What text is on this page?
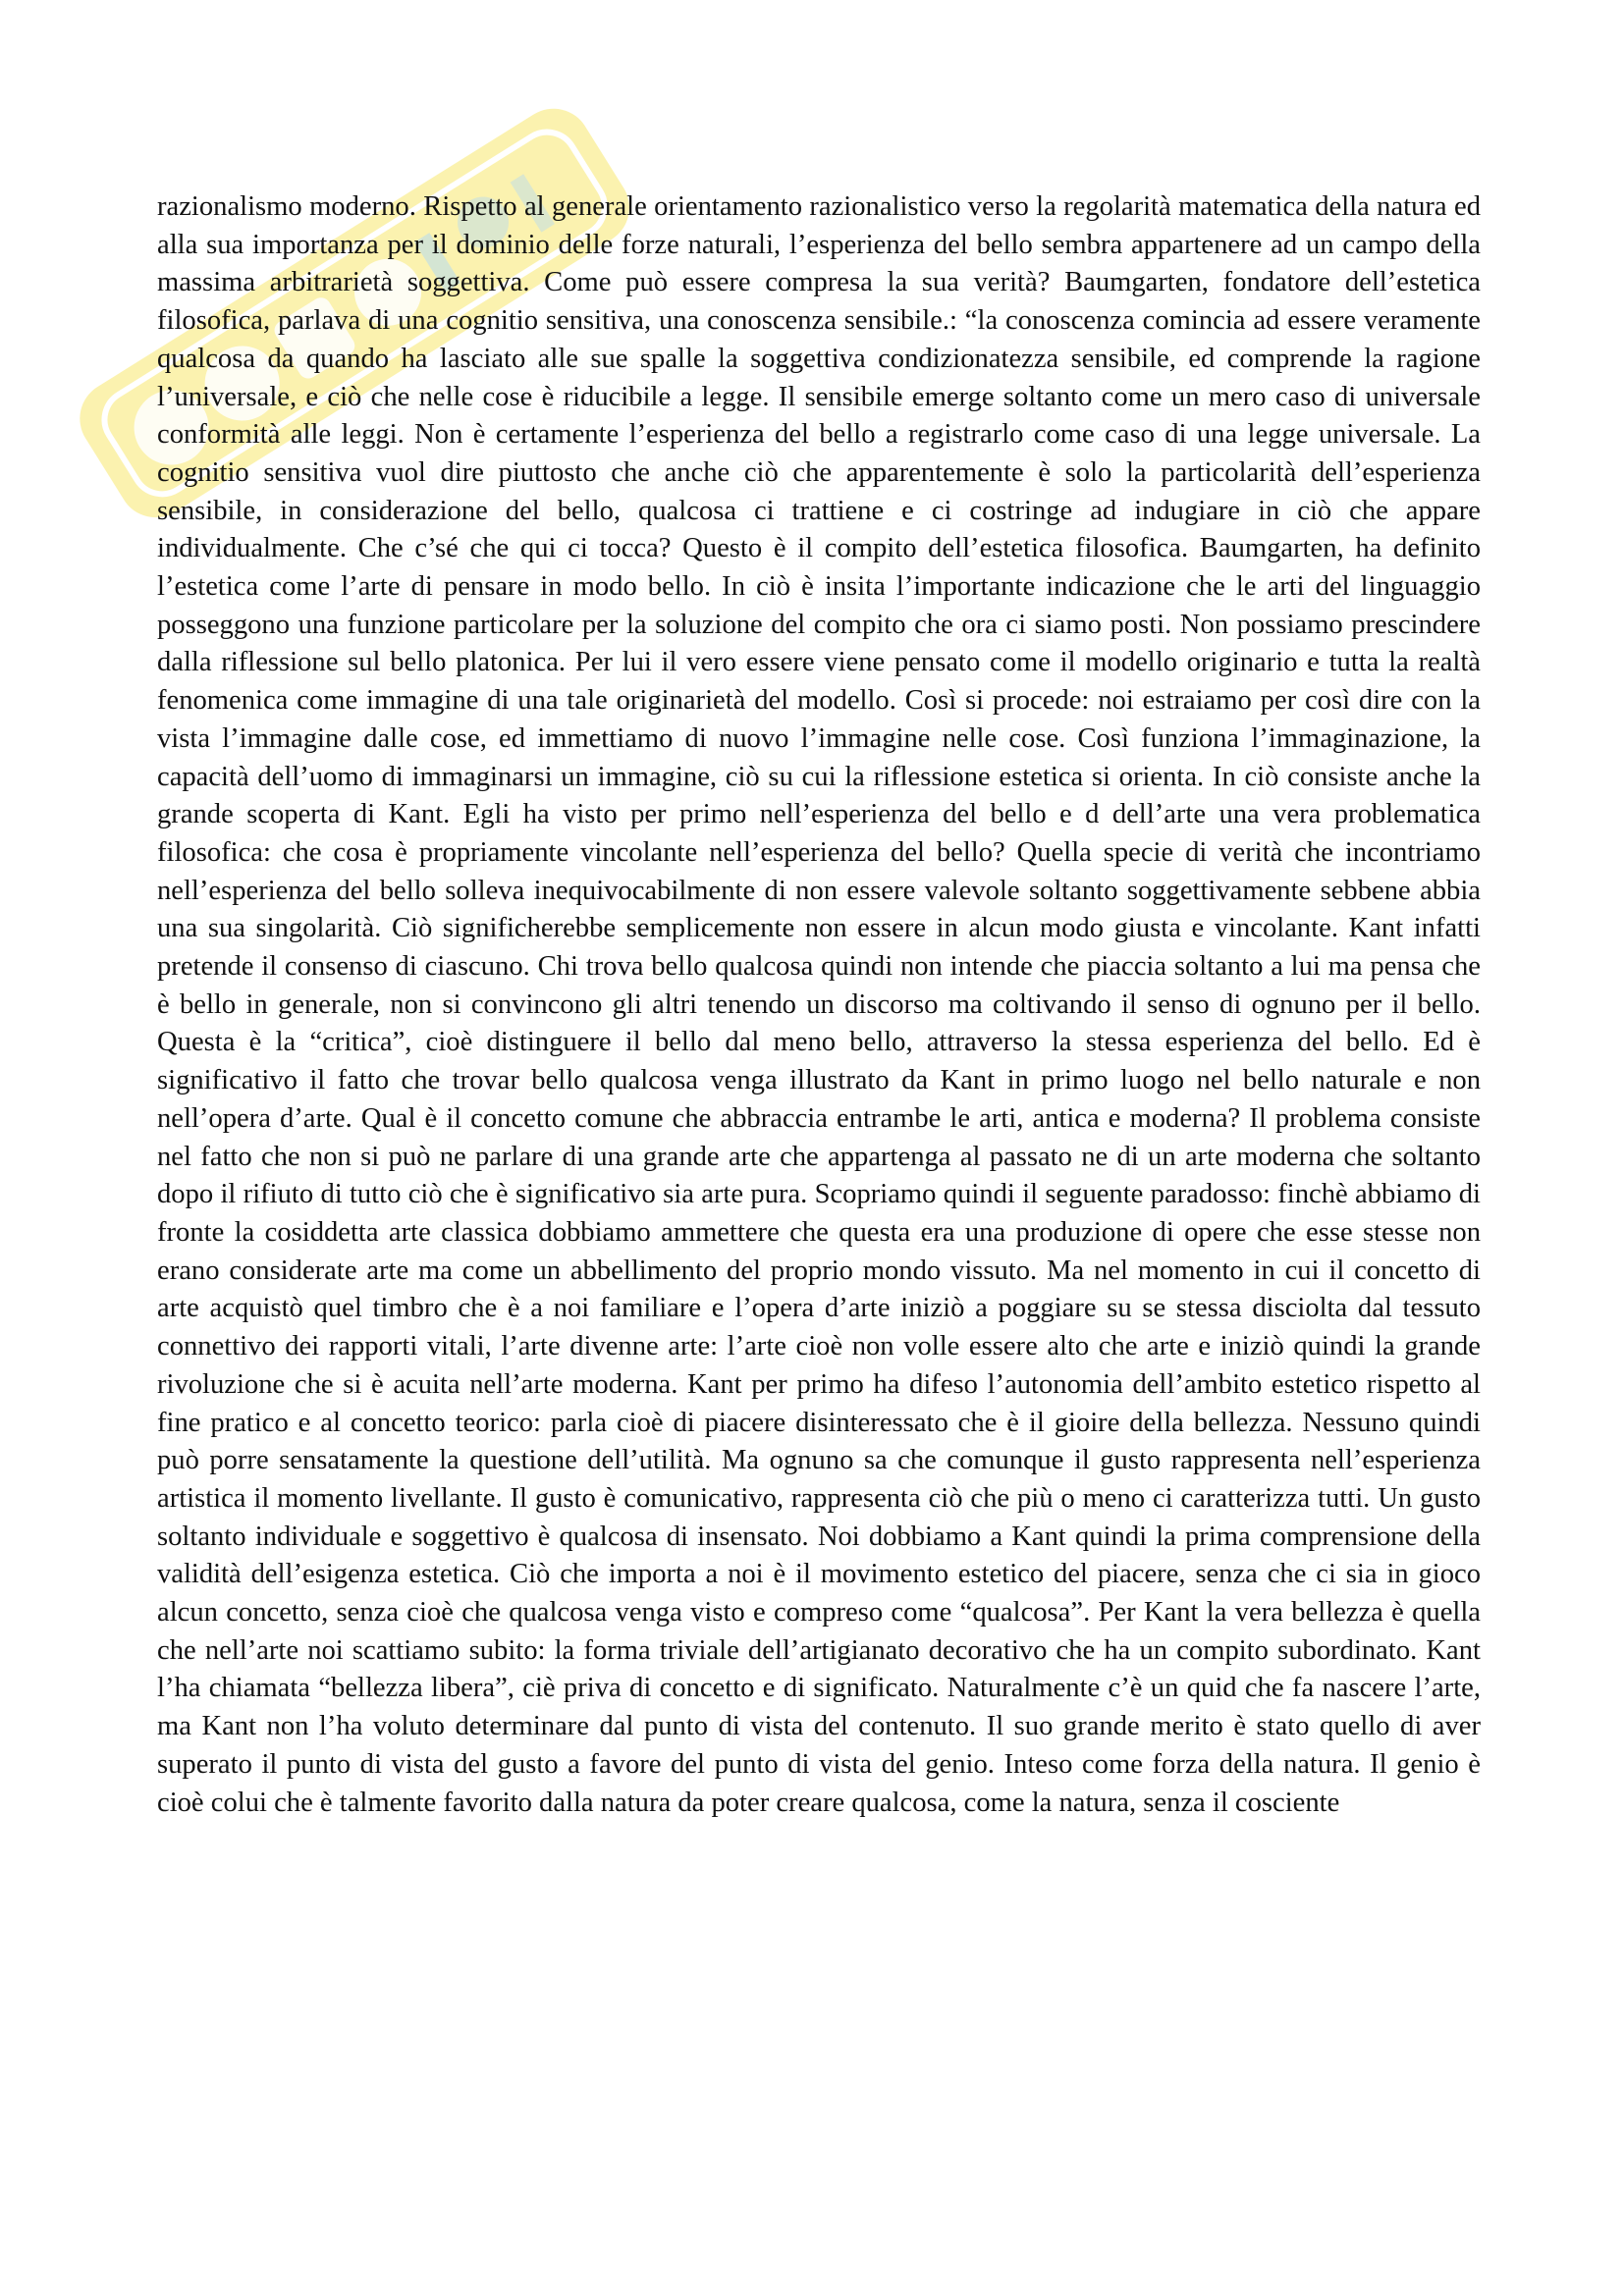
razionalismo moderno. Rispetto al generale orientamento razionalistico verso la regolarità matematica della natura ed alla sua importanza per il dominio delle forze naturali, l’esperienza del bello sembra appartenere ad un campo della massima arbitrarietà soggettiva. Come può essere compresa la sua verità? Baumgarten, fondatore dell’estetica filosofica, parlava di una cognitio sensitiva, una conoscenza sensibile.: “la conoscenza comincia ad essere veramente qualcosa da quando ha lasciato alle sue spalle la soggettiva condizionatezza sensibile, ed comprende la ragione l’universale, e ciò che nelle cose è riducibile a legge. Il sensibile emerge soltanto come un mero caso di universale conformità alle leggi. Non è certamente l’esperienza del bello a registrarlo come caso di una legge universale. La cognitio sensitiva vuol dire piuttosto che anche ciò che apparentemente è solo la particolarità dell’esperienza sensibile, in considerazione del bello, qualcosa ci trattiene e ci costringe ad indugiare in ciò che appare individualmente. Che c’sé che qui ci tocca? Questo è il compito dell’estetica filosofica. Baumgarten, ha definito l’estetica come l’arte di pensare in modo bello. In ciò è insita l’importante indicazione che le arti del linguaggio posseggono una funzione particolare per la soluzione del compito che ora ci siamo posti. Non possiamo prescindere dalla riflessione sul bello platonica. Per lui il vero essere viene pensato come il modello originario e tutta la realtà fenomenica come immagine di una tale originarietà del modello. Così si procede: noi estraiamo per così dire con la vista l’immagine dalle cose, ed immettiamo di nuovo l’immagine nelle cose. Così funziona l’immaginazione, la capacità dell’uomo di immaginarsi un immagine, ciò su cui la riflessione estetica si orienta. In ciò consiste anche la grande scoperta di Kant. Egli ha visto per primo nell’esperienza del bello e d dell’arte una vera problematica filosofica: che cosa è propriamente vincolante nell’esperienza del bello? Quella specie di verità che incontriamo nell’esperienza del bello solleva inequivocabilmente di non essere valevole soltanto soggettivamente sebbene abbia una sua singolarità. Ciò significherebbe semplicemente non essere in alcun modo giusta e vincolante. Kant infatti pretende il consenso di ciascuno. Chi trova bello qualcosa quindi non intende che piaccia soltanto a lui ma pensa che è bello in generale, non si convincono gli altri tenendo un discorso ma coltivando il senso di ognuno per il bello. Questa è la “critica”, cioè distinguere il bello dal meno bello, attraverso la stessa esperienza del bello. Ed è significativo il fatto che trovar bello qualcosa venga illustrato da Kant in primo luogo nel bello naturale e non nell’opera d’arte. Qual è il concetto comune che abbraccia entrambe le arti, antica e moderna? Il problema consiste nel fatto che non si può ne parlare di una grande arte che appartenga al passato ne di un arte moderna che soltanto dopo il rifiuto di tutto ciò che è significativo sia arte pura. Scopriamo quindi il seguente paradosso: finchè abbiamo di fronte la cosiddetta arte classica dobbiamo ammettere che questa era una produzione di opere che esse stesse non erano considerate arte ma come un abbellimento del proprio mondo vissuto. Ma nel momento in cui il concetto di arte acquistò quel timbro che è a noi familiare e l’opera d’arte iniziò a poggiare su se stessa disciolta dal tessuto connettivo dei rapporti vitali, l’arte divenne arte: l’arte cioè non volle essere alto che arte e iniziò quindi la grande rivoluzione che si è acuita nell’arte moderna. Kant per primo ha difeso l’autonomia dell’ambito estetico rispetto al fine pratico e al concetto teorico: parla cioè di piacere disinteressato che è il gioire della bellezza. Nessuno quindi può porre sensatamente la questione dell’utilità. Ma ognuno sa che comunque il gusto rappresenta nell’esperienza artistica il momento livellante. Il gusto è comunicativo, rappresenta ciò che più o meno ci caratterizza tutti. Un gusto soltanto individuale e soggettivo è qualcosa di insensato. Noi dobbiamo a Kant quindi la prima comprensione della validità dell’esigenza estetica. Ciò che importa a noi è il movimento estetico del piacere, senza che ci sia in gioco alcun concetto, senza cioè che qualcosa venga visto e compreso come “qualcosa”. Per Kant la vera bellezza è quella che nell’arte noi scattiamo subito: la forma triviale dell’artigianato decorativo che ha un compito subordinato. Kant l’ha chiamata “bellezza libera”, ciè priva di concetto e di significato. Naturalmente c’è un quid che fa nascere l’arte, ma Kant non l’ha voluto determinare dal punto di vista del contenuto. Il suo grande merito è stato quello di aver superato il punto di vista del gusto a favore del punto di vista del genio. Inteso come forza della natura. Il genio è cioè colui che è talmente favorito dalla natura da poter creare qualcosa, come la natura, senza il cosciente
